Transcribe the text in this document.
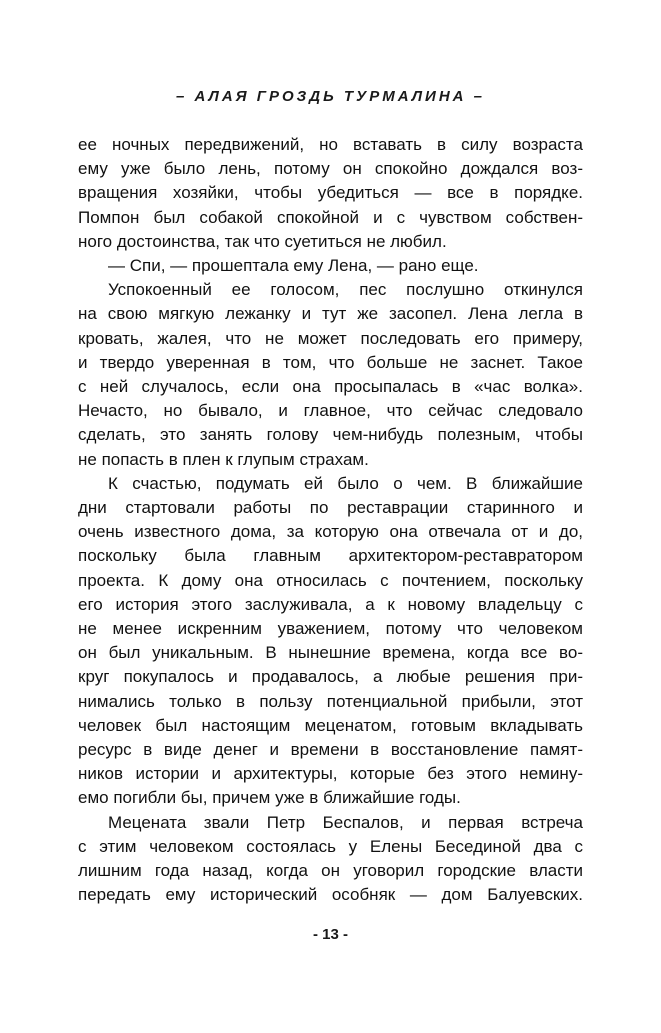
– АЛАЯ ГРОЗДЬ ТУРМАЛИНА –
ее ночных передвижений, но вставать в силу возраста
ему уже было лень, потому он спокойно дождался воз-
вращения хозяйки, чтобы убедиться — все в порядке.
Помпон был собакой спокойной и с чувством собствен-
ного достоинства, так что суетиться не любил.
— Спи, — прошептала ему Лена, — рано еще.
Успокоенный ее голосом, пес послушно откинулся
на свою мягкую лежанку и тут же засопел. Лена легла в
кровать, жалея, что не может последовать его примеру,
и твердо уверенная в том, что больше не заснет. Такое
с ней случалось, если она просыпалась в «час волка».
Нечасто, но бывало, и главное, что сейчас следовало
сделать, это занять голову чем-нибудь полезным, чтобы
не попасть в плен к глупым страхам.
К счастью, подумать ей было о чем. В ближайшие
дни стартовали работы по реставрации старинного и
очень известного дома, за которую она отвечала от и до,
поскольку была главным архитектором-реставратором
проекта. К дому она относилась с почтением, поскольку
его история этого заслуживала, а к новому владельцу с
не менее искренним уважением, потому что человеком
он был уникальным. В нынешние времена, когда все во-
круг покупалось и продавалось, а любые решения при-
нимались только в пользу потенциальной прибыли, этот
человек был настоящим меценатом, готовым вкладывать
ресурс в виде денег и времени в восстановление памят-
ников истории и архитектуры, которые без этого немину-
емо погибли бы, причем уже в ближайшие годы.
Мецената звали Петр Беспалов, и первая встреча
с этим человеком состоялась у Елены Бесединой два с
лишним года назад, когда он уговорил городские власти
передать ему исторический особняк — дом Балуевских.
- 13 -
